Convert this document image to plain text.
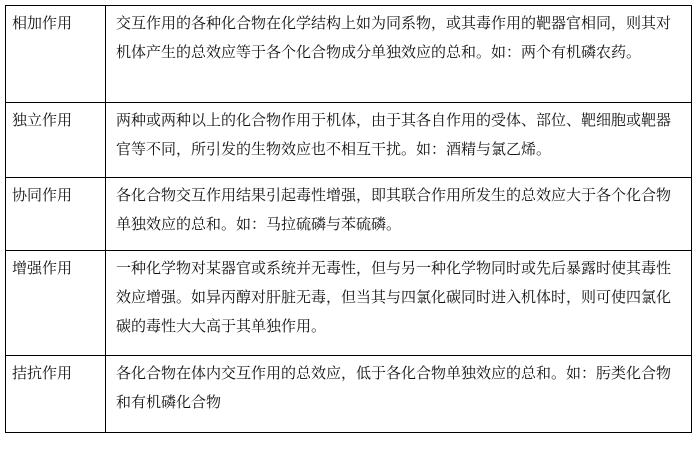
相加作用	交互作用的各种化合物在化学结构上如为同系物，或其毒作用的靶器官相同，则其对机体产生的总效应等于各个化合物成分单独效应的总和。如：两个有机磷农药。
独立作用	两种或两种以上的化合物作用于机体，由于其各自作用的受体、部位、靶细胞或靶器官等不同，所引发的生物效应也不相互干扰。如：酒精与氯乙烯。
协同作用	各化合物交互作用结果引起毒性增强，即其联合作用所发生的总效应大于各个化合物单独效应的总和。如：马拉硫磷与苯硫磷。
增强作用	一种化学物对某器官或系统并无毒性，但与另一种化学物同时或先后暴露时使其毒性效应增强。如异丙醇对肝脏无毒，但当其与四氯化碳同时进入机体时，则可使四氯化碳的毒性大大高于其单独作用。
拮抗作用	各化合物在体内交互作用的总效应，低于各化合物单独效应的总和。如：肟类化合物和有机磷化合物
